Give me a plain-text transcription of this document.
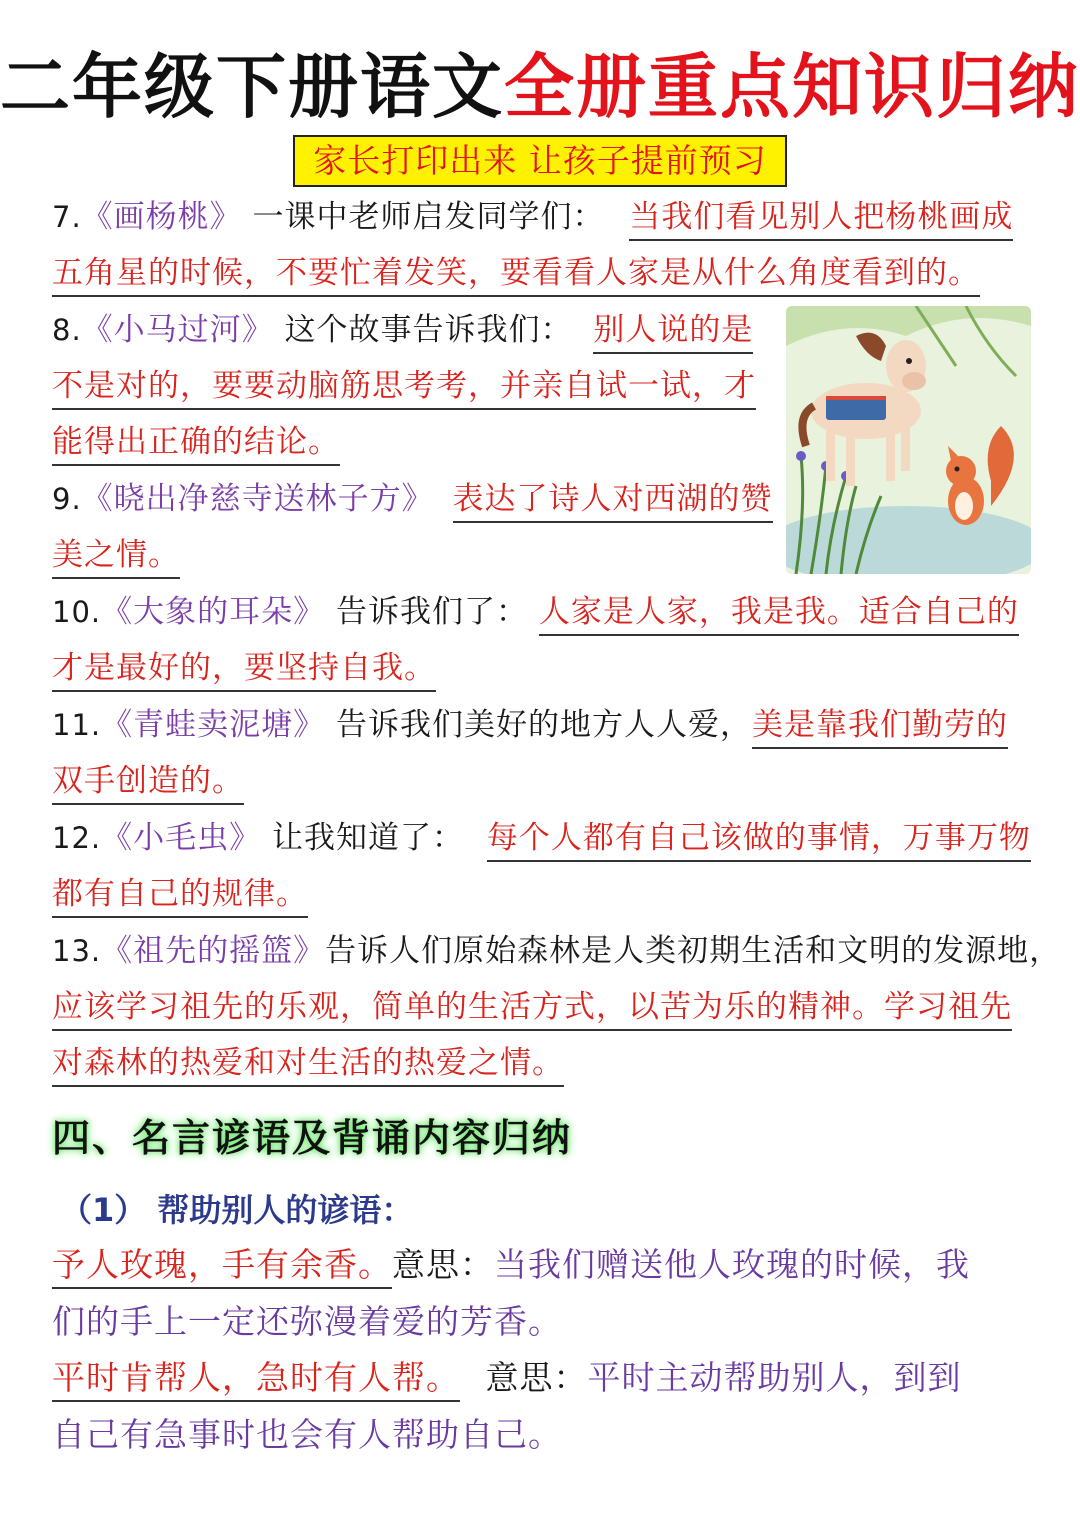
二年级下册语文全册重点知识归纳
家长打印出来 让孩子提前预习
7.《画杨桃》 一课中老师启发同学们： 当我们看见别人把杨桃画成
五角星的时候，不要忙着发笑，要看看人家是从什么角度看到的。
8.《小马过河》 这个故事告诉我们： 别人说的是
不是对的，要要动脑筋思考考，并亲自试一试，才
能得出正确的结论。
9.《晓出净慈寺送林子方》 表达了诗人对西湖的赞
美之情。
10.《大象的耳朵》 告诉我们了： 人家是人家，我是我。适合自己的
才是最好的，要坚持自我。
11.《青蛙卖泥塘》 告诉我们美好的地方人人爱，美是靠我们勤劳的
双手创造的。
12.《小毛虫》 让我知道了： 每个人都有自己该做的事情，万事万物
都有自己的规律。
13.《祖先的摇篮》告诉人们原始森林是人类初期生活和文明的发源地，
应该学习祖先的乐观，简单的生活方式，以苦为乐的精神。学习祖先
对森林的热爱和对生活的热爱之情。
四、名言谚语及背诵内容归纳
（1） 帮助别人的谚语：
予人玫瑰，手有余香。意思：当我们赠送他人玫瑰的时候，我
们的手上一定还弥漫着爱的芳香。
平时肯帮人，急时有人帮。 意思：平时主动帮助别人，到到
自己有急事时也会有人帮助自己。
